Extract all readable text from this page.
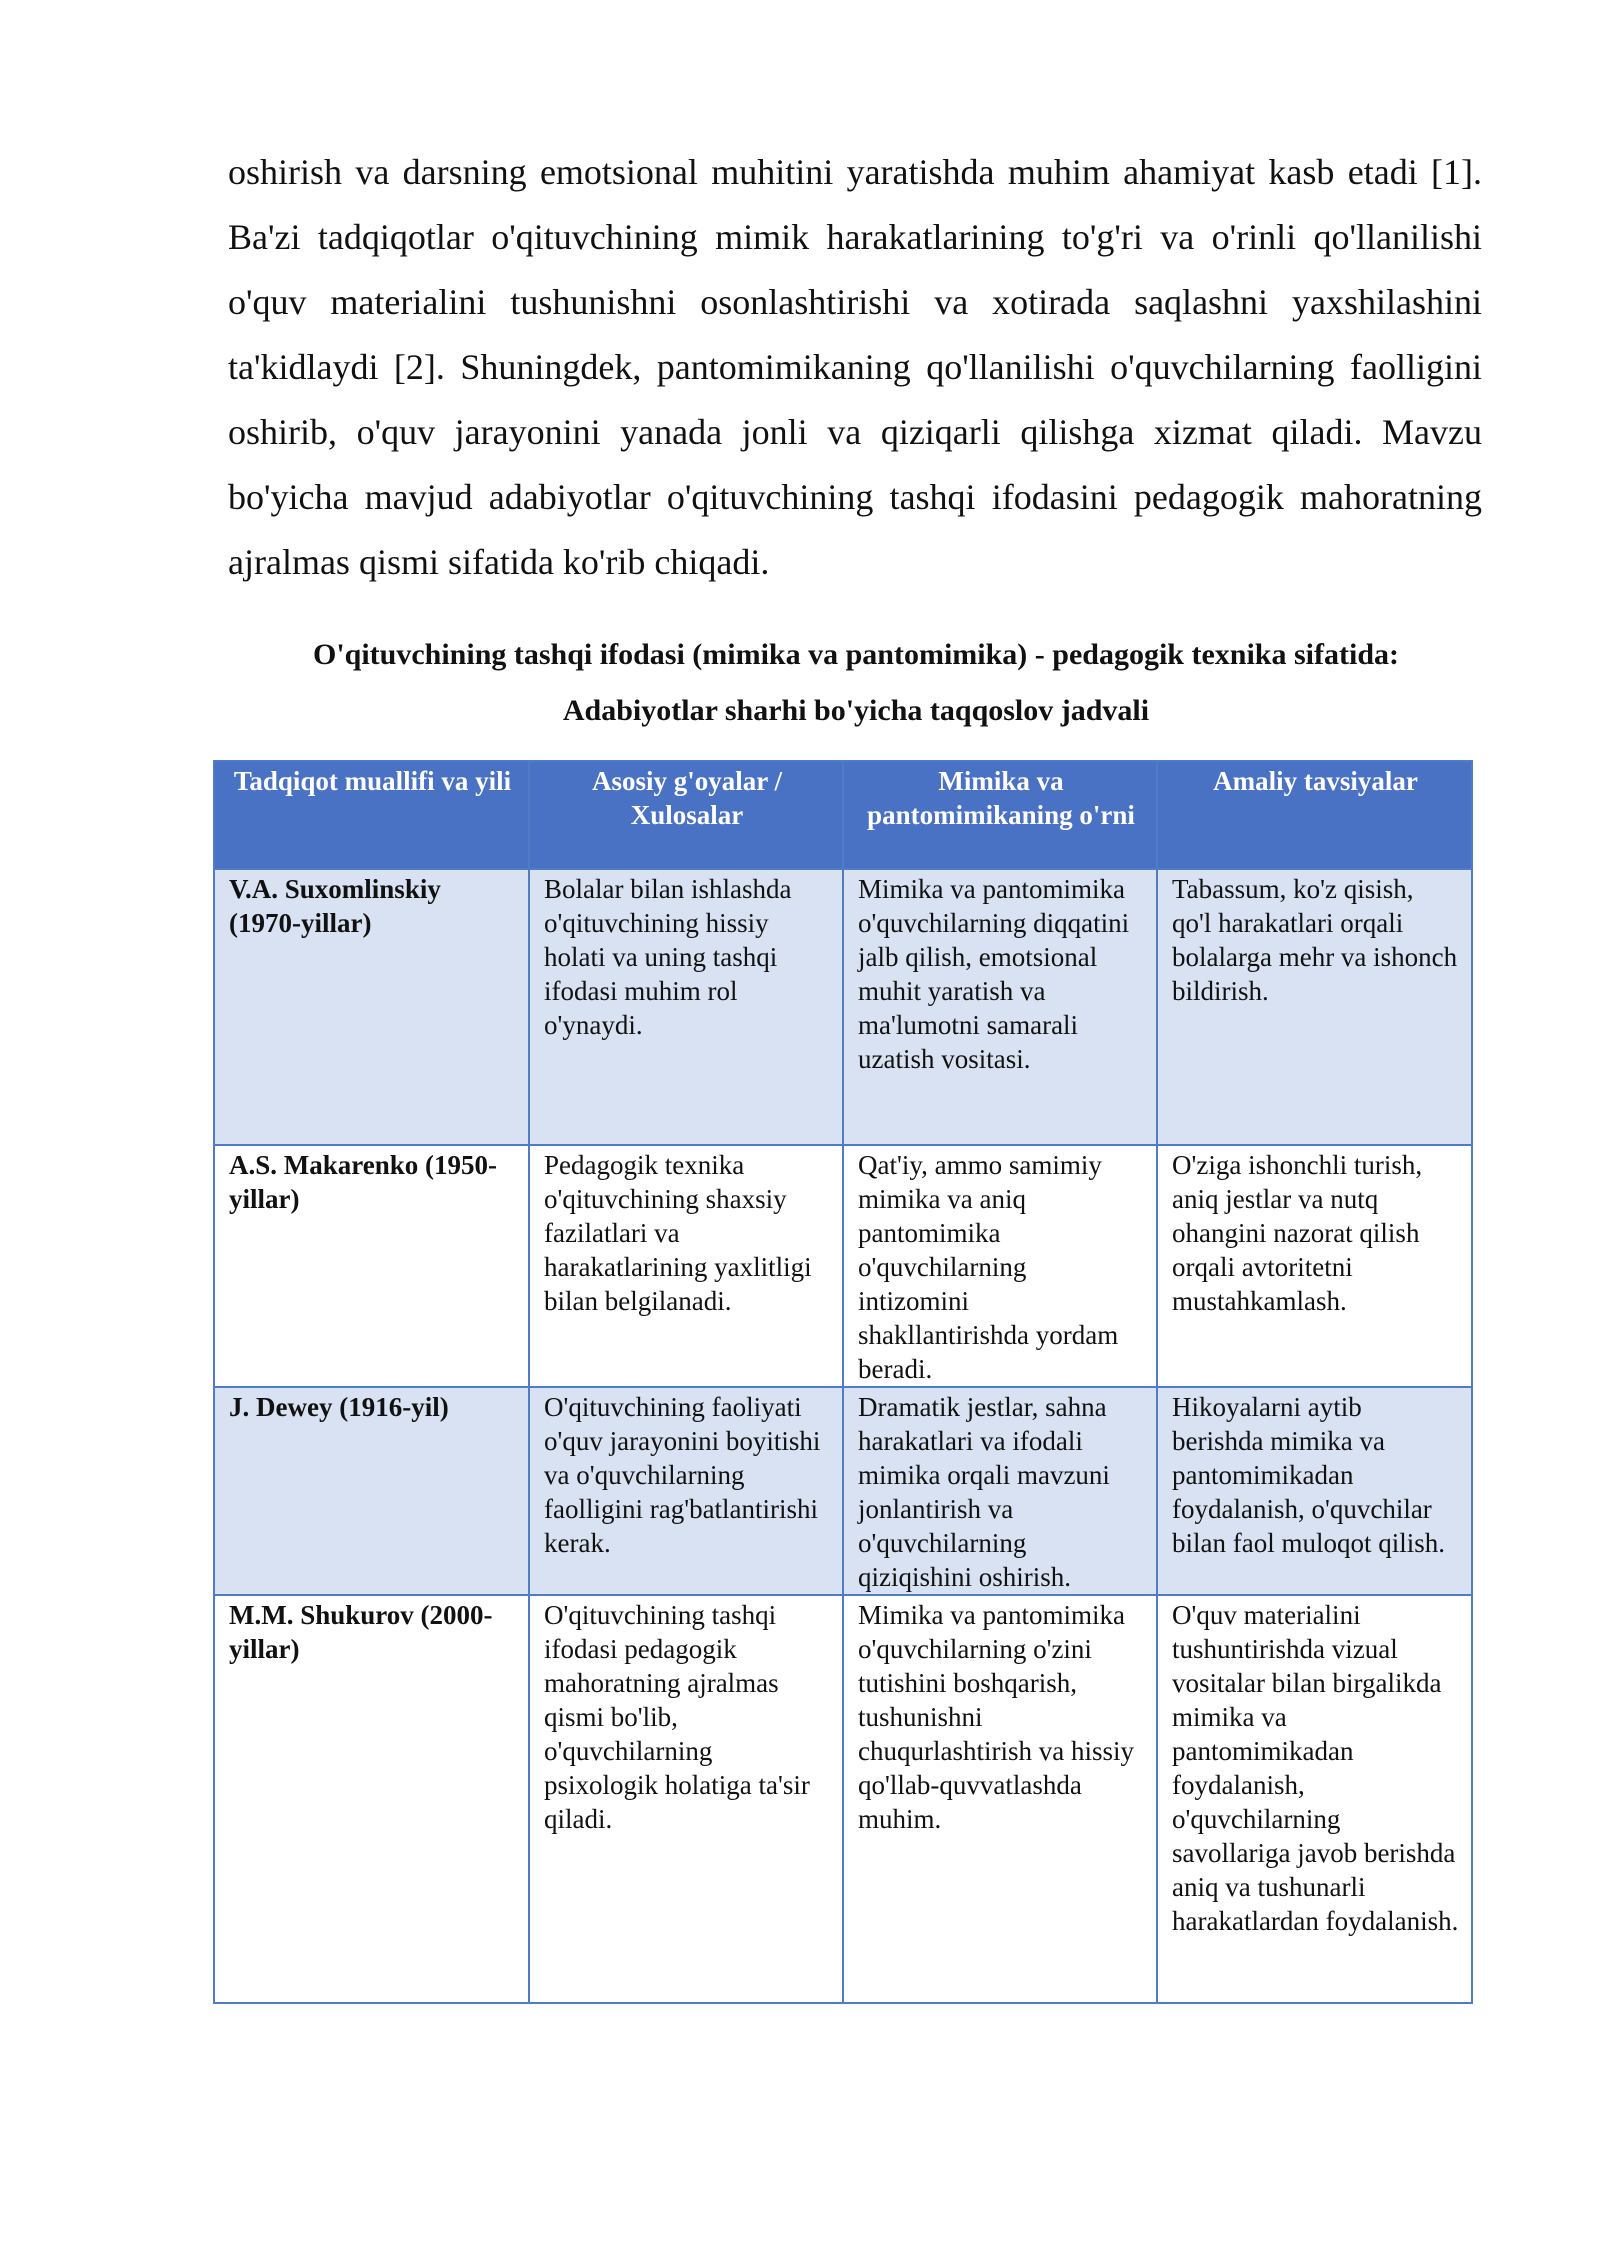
oshirish va darsning emotsional muhitini yaratishda muhim ahamiyat kasb etadi [1]. Ba'zi tadqiqotlar o'qituvchining mimik harakatlarining to'g'ri va o'rinli qo'llanilishi o'quv materialini tushunishni osonlashtirishi va xotirada saqlashni yaxshilashini ta'kidlaydi [2]. Shuningdek, pantomimikaning qo'llanilishi o'quvchilarning faolligini oshirib, o'quv jarayonini yanada jonli va qiziqarli qilishga xizmat qiladi. Mavzu bo'yicha mavjud adabiyotlar o'qituvchining tashqi ifodasini pedagogik mahoratning ajralmas qismi sifatida ko'rib chiqadi.

O'qituvchining tashqi ifodasi (mimika va pantomimika) - pedagogik texnika sifatida:

Adabiyotlar sharhi bo'yicha taqqoslov jadvali

Tadqiqot muallifi va yili	Asosiy g'oyalar / Xulosalar	Mimika va pantomimikaning o'rni	Amaliy tavsiyalar
V.A. Suxomlinskiy (1970-yillar)	Bolalar bilan ishlashda o'qituvchining hissiy holati va uning tashqi ifodasi muhim rol o'ynaydi.	Mimika va pantomimika o'quvchilarning diqqatini jalb qilish, emotsional muhit yaratish va ma'lumotni samarali uzatish vositasi.	Tabassum, ko'z qisish, qo'l harakatlari orqali bolalarga mehr va ishonch bildirish.
A.S. Makarenko (1950-yillar)	Pedagogik texnika o'qituvchining shaxsiy fazilatlari va harakatlarining yaxlitligi bilan belgilanadi.	Qat'iy, ammo samimiy mimika va aniq pantomimika o'quvchilarning intizomini shakllantirishda yordam beradi.	O'ziga ishonchli turish, aniq jestlar va nutq ohangini nazorat qilish orqali avtoritetni mustahkamlash.
J. Dewey (1916-yil)	O'qituvchining faoliyati o'quv jarayonini boyitishi va o'quvchilarning faolligini rag'batlantirishi kerak.	Dramatik jestlar, sahna harakatlari va ifodali mimika orqali mavzuni jonlantirish va o'quvchilarning qiziqishini oshirish.	Hikoyalarni aytib berishda mimika va pantomimikadan foydalanish, o'quvchilar bilan faol muloqot qilish.
M.M. Shukurov (2000-yillar)	O'qituvchining tashqi ifodasi pedagogik mahoratning ajralmas qismi bo'lib, o'quvchilarning psixologik holatiga ta'sir qiladi.	Mimika va pantomimika o'quvchilarning o'zini tutishini boshqarish, tushunishni chuqurlashtirish va hissiy qo'llab-quvvatlashda muhim.	O'quv materialini tushuntirishda vizual vositalar bilan birgalikda mimika va pantomimikadan foydalanish, o'quvchilarning savollariga javob berishda aniq va tushunarli harakatlardan foydalanish.
